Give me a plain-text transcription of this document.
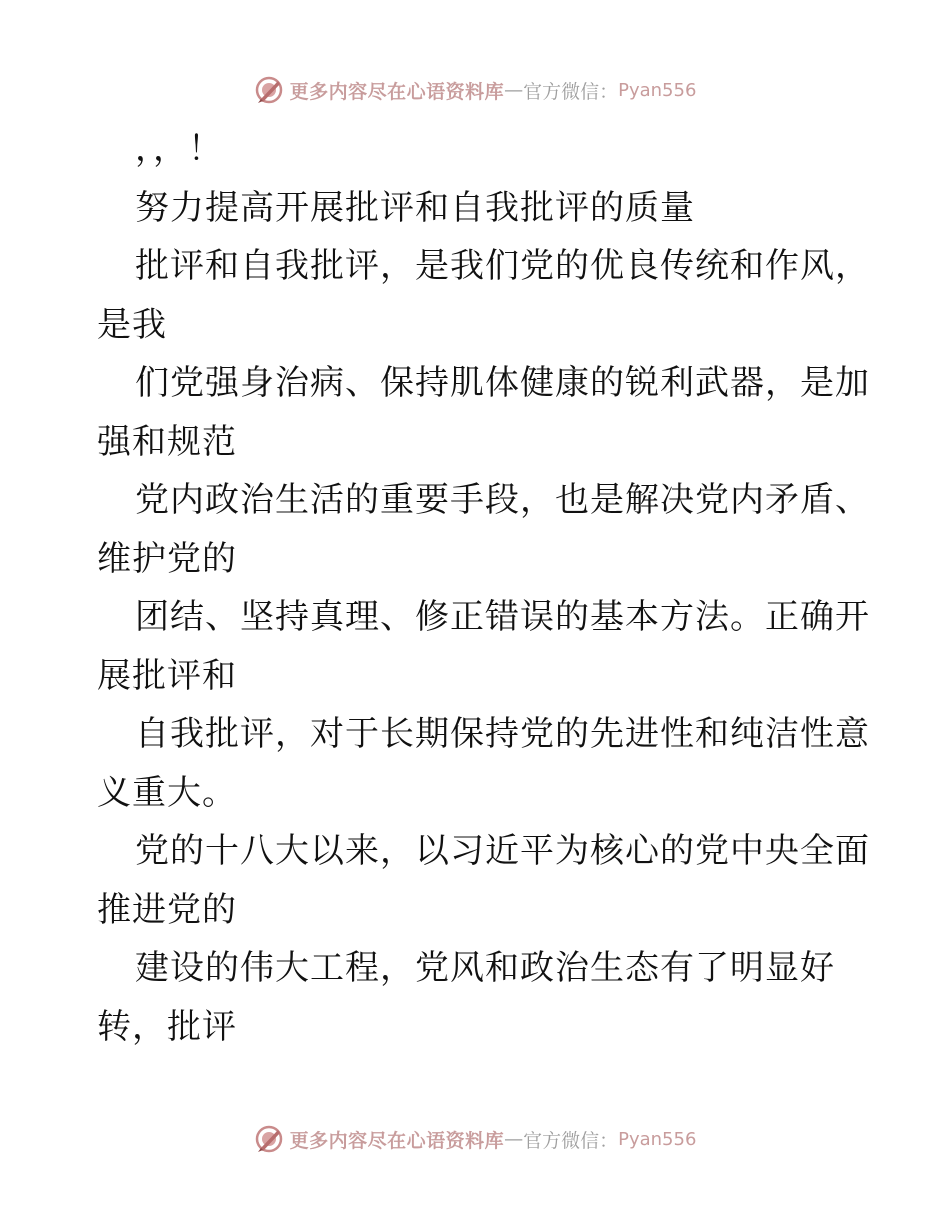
更多内容尽在心语资料库 — 官方微信： Pyan556
，，！
努力提高开展批评和自我批评的质量
批评和自我批评，是我们党的优良传统和作风，
是我
们党强身治病、保持肌体健康的锐利武器，是加
强和规范
党内政治生活的重要手段，也是解决党内矛盾、
维护党的
团结、坚持真理、修正错误的基本方法。正确开
展批评和
自我批评，对于长期保持党的先进性和纯洁性意
义重大。
党的十八大以来，以习近平为核心的党中央全面
推进党的
建设的伟大工程，党风和政治生态有了明显好
转，批评
更多内容尽在心语资料库 — 官方微信： Pyan556
